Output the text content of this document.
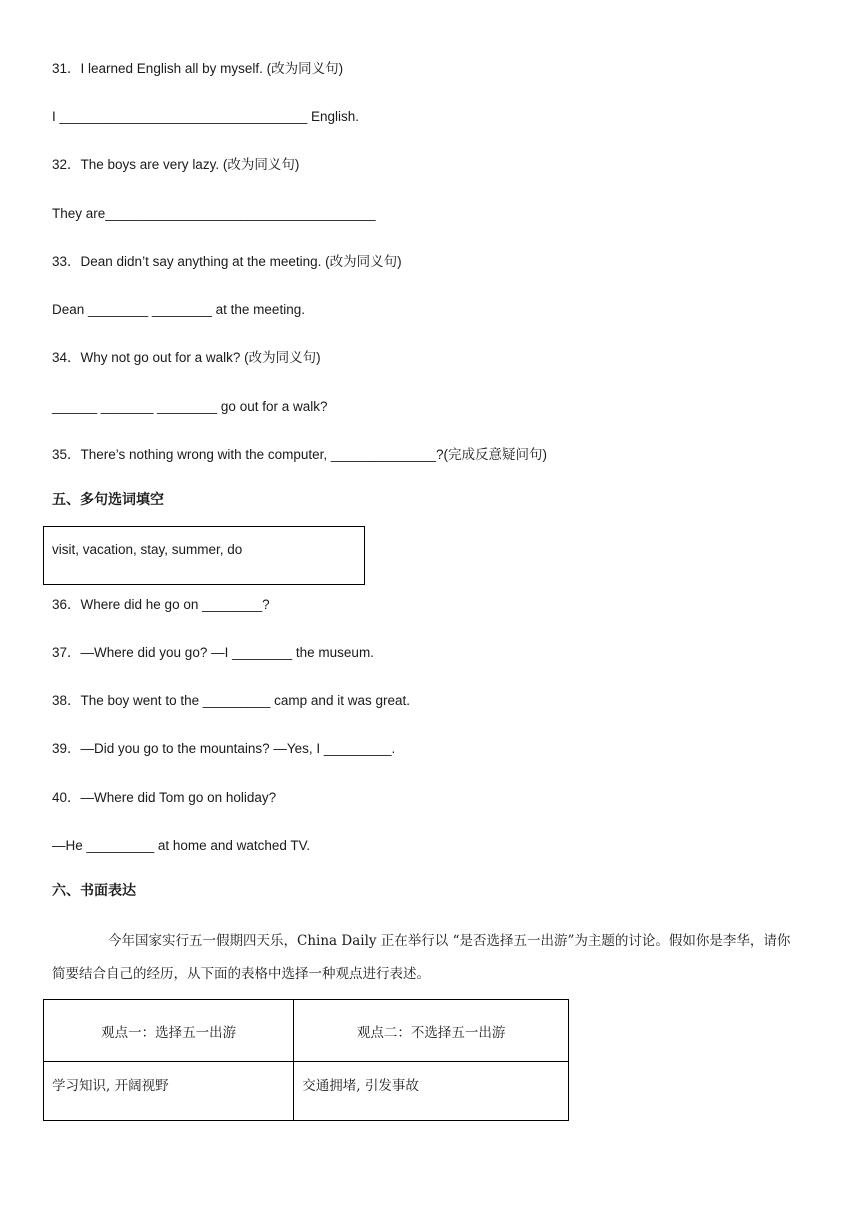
31．I learned English all by myself. (改为同义句)
I _________________________________ English.
32．The boys are very lazy. (改为同义句)
They are____________________________________
33．Dean didn’t say anything at the meeting. (改为同义句)
Dean ________ ________ at the meeting.
34．Why not go out for a walk? (改为同义句)
______ _______ ________ go out for a walk?
35．There’s nothing wrong with the computer, ______________?(完成反意疑问句)
五、多句选词填空
visit, vacation, stay, summer, do
36．Where did he go on ________?
37．—Where did you go? —I ________ the museum.
38．The boy went to the _________ camp and it was great.
39．—Did you go to the mountains? —Yes, I _________.
40．—Where did Tom go on holiday?
—He _________ at home and watched TV.
六、书面表达
今年国家实行五一假期四天乐，China Daily 正在举行以 “是否选择五一出游”为主题的讨论。假如你是李华，请你简要结合自己的经历，从下面的表格中选择一种观点进行表述。
观点一：选择五一出游	观点二：不选择五一出游
学习知识, 开阔视野	交通拥堵, 引发事故
